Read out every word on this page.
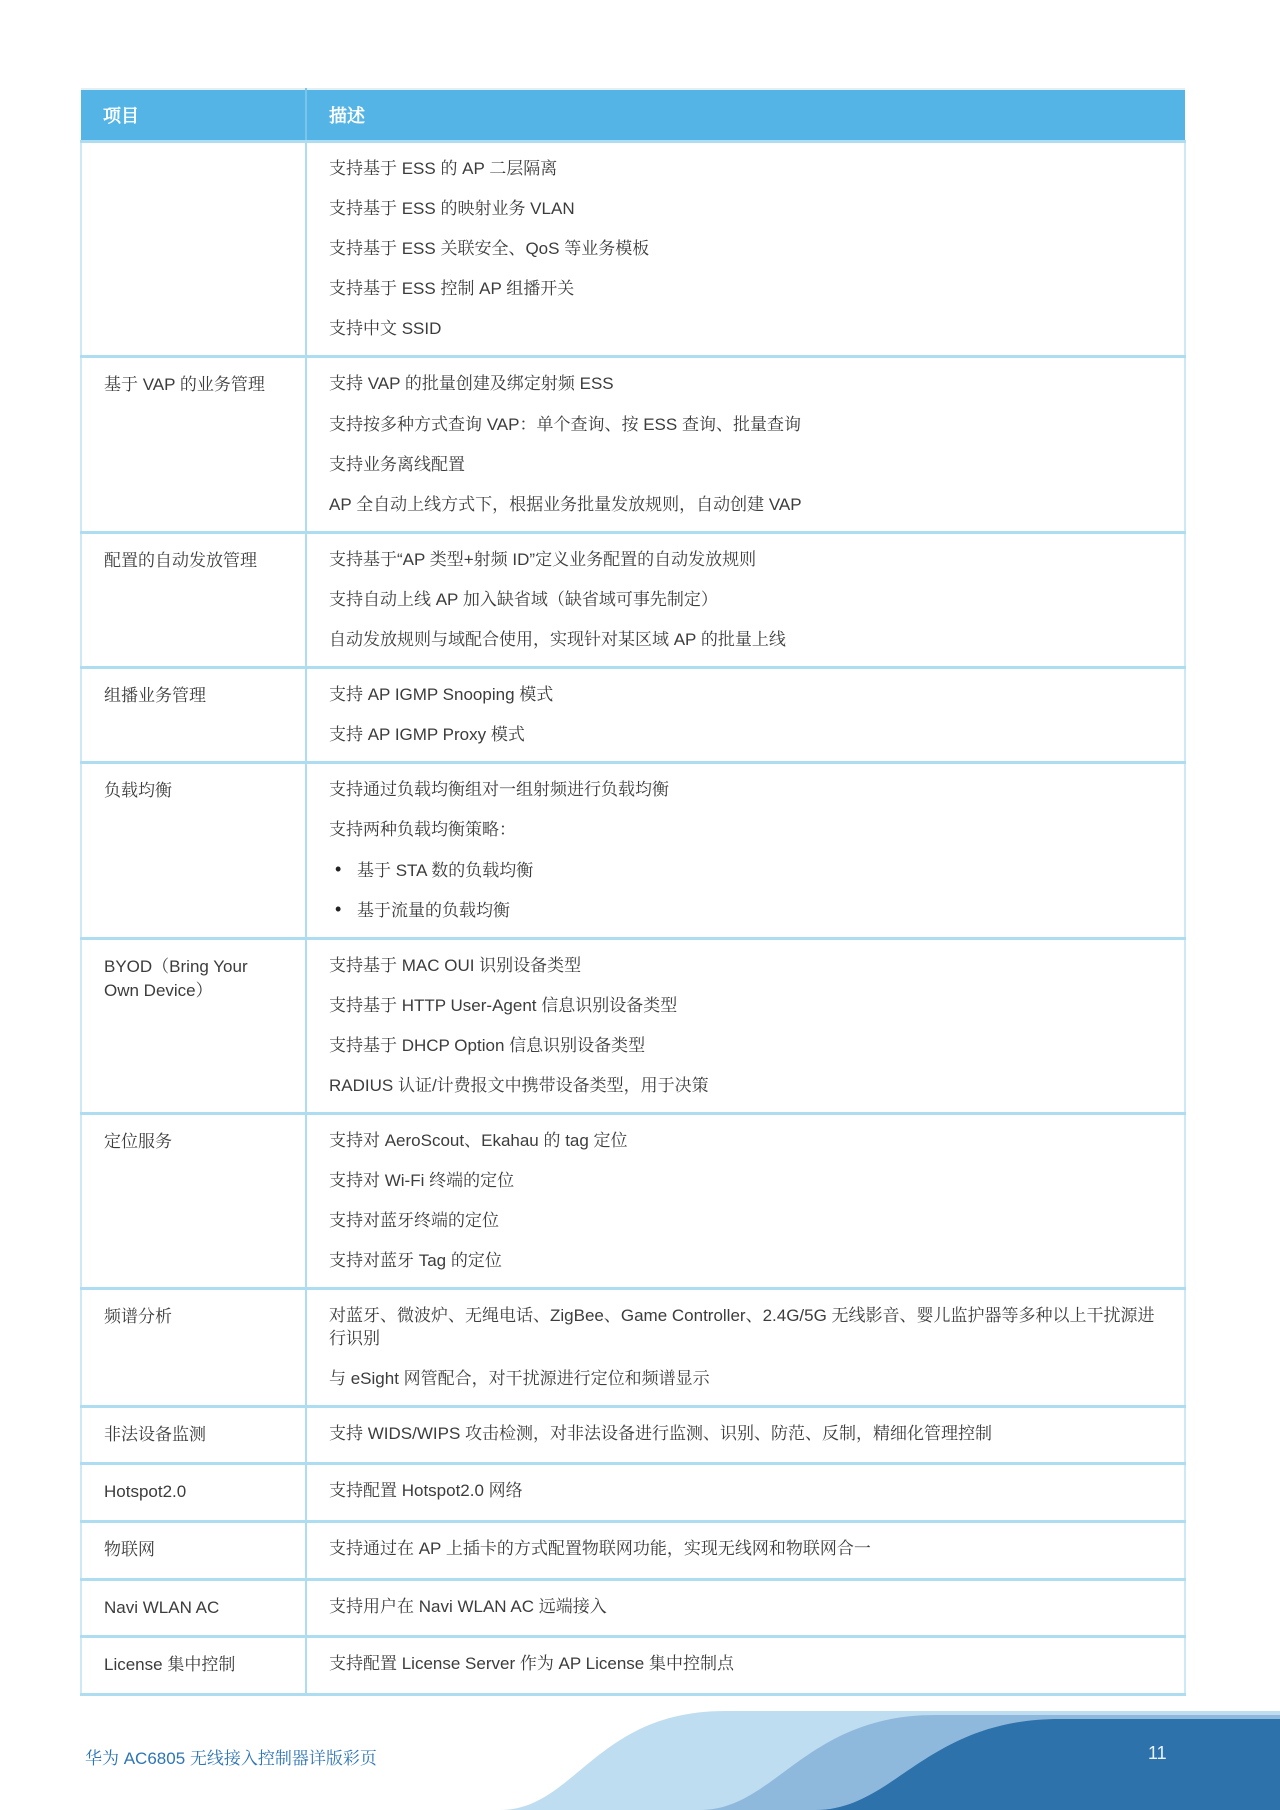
项目	描述

	支持基于 ESS 的 AP 二层隔离

支持基于 ESS 的映射业务 VLAN

支持基于 ESS 关联安全、QoS 等业务模板

支持基于 ESS 控制 AP 组播开关

支持中文 SSID

基于 VAP 的业务管理	支持 VAP 的批量创建及绑定射频 ESS

支持按多种方式查询 VAP：单个查询、按 ESS 查询、批量查询

支持业务离线配置

AP 全自动上线方式下，根据业务批量发放规则，自动创建 VAP

配置的自动发放管理	支持基于“AP 类型+射频 ID”定义业务配置的自动发放规则

支持自动上线 AP 加入缺省域（缺省域可事先制定）

自动发放规则与域配合使用，实现针对某区域 AP 的批量上线

组播业务管理	支持 AP IGMP Snooping 模式

支持 AP IGMP Proxy 模式

负载均衡	支持通过负载均衡组对一组射频进行负载均衡

支持两种负载均衡策略：

• 基于 STA 数的负载均衡

• 基于流量的负载均衡

BYOD（Bring Your Own Device）	支持基于 MAC OUI 识别设备类型

支持基于 HTTP User-Agent 信息识别设备类型

支持基于 DHCP Option 信息识别设备类型

RADIUS 认证/计费报文中携带设备类型，用于决策

定位服务	支持对 AeroScout、Ekahau 的 tag 定位

支持对 Wi-Fi 终端的定位

支持对蓝牙终端的定位

支持对蓝牙 Tag 的定位

频谱分析	对蓝牙、微波炉、无绳电话、ZigBee、Game Controller、2.4G/5G 无线影音、婴儿监护器等多种以上干扰源进行识别

与 eSight 网管配合，对干扰源进行定位和频谱显示

非法设备监测	支持 WIDS/WIPS 攻击检测，对非法设备进行监测、识别、防范、反制，精细化管理控制

Hotspot2.0	支持配置 Hotspot2.0 网络

物联网	支持通过在 AP 上插卡的方式配置物联网功能，实现无线网和物联网合一

Navi WLAN AC	支持用户在 Navi WLAN AC 远端接入

License 集中控制	支持配置 License Server 作为 AP License 集中控制点

华为 AC6805 无线接入控制器详版彩页	11
